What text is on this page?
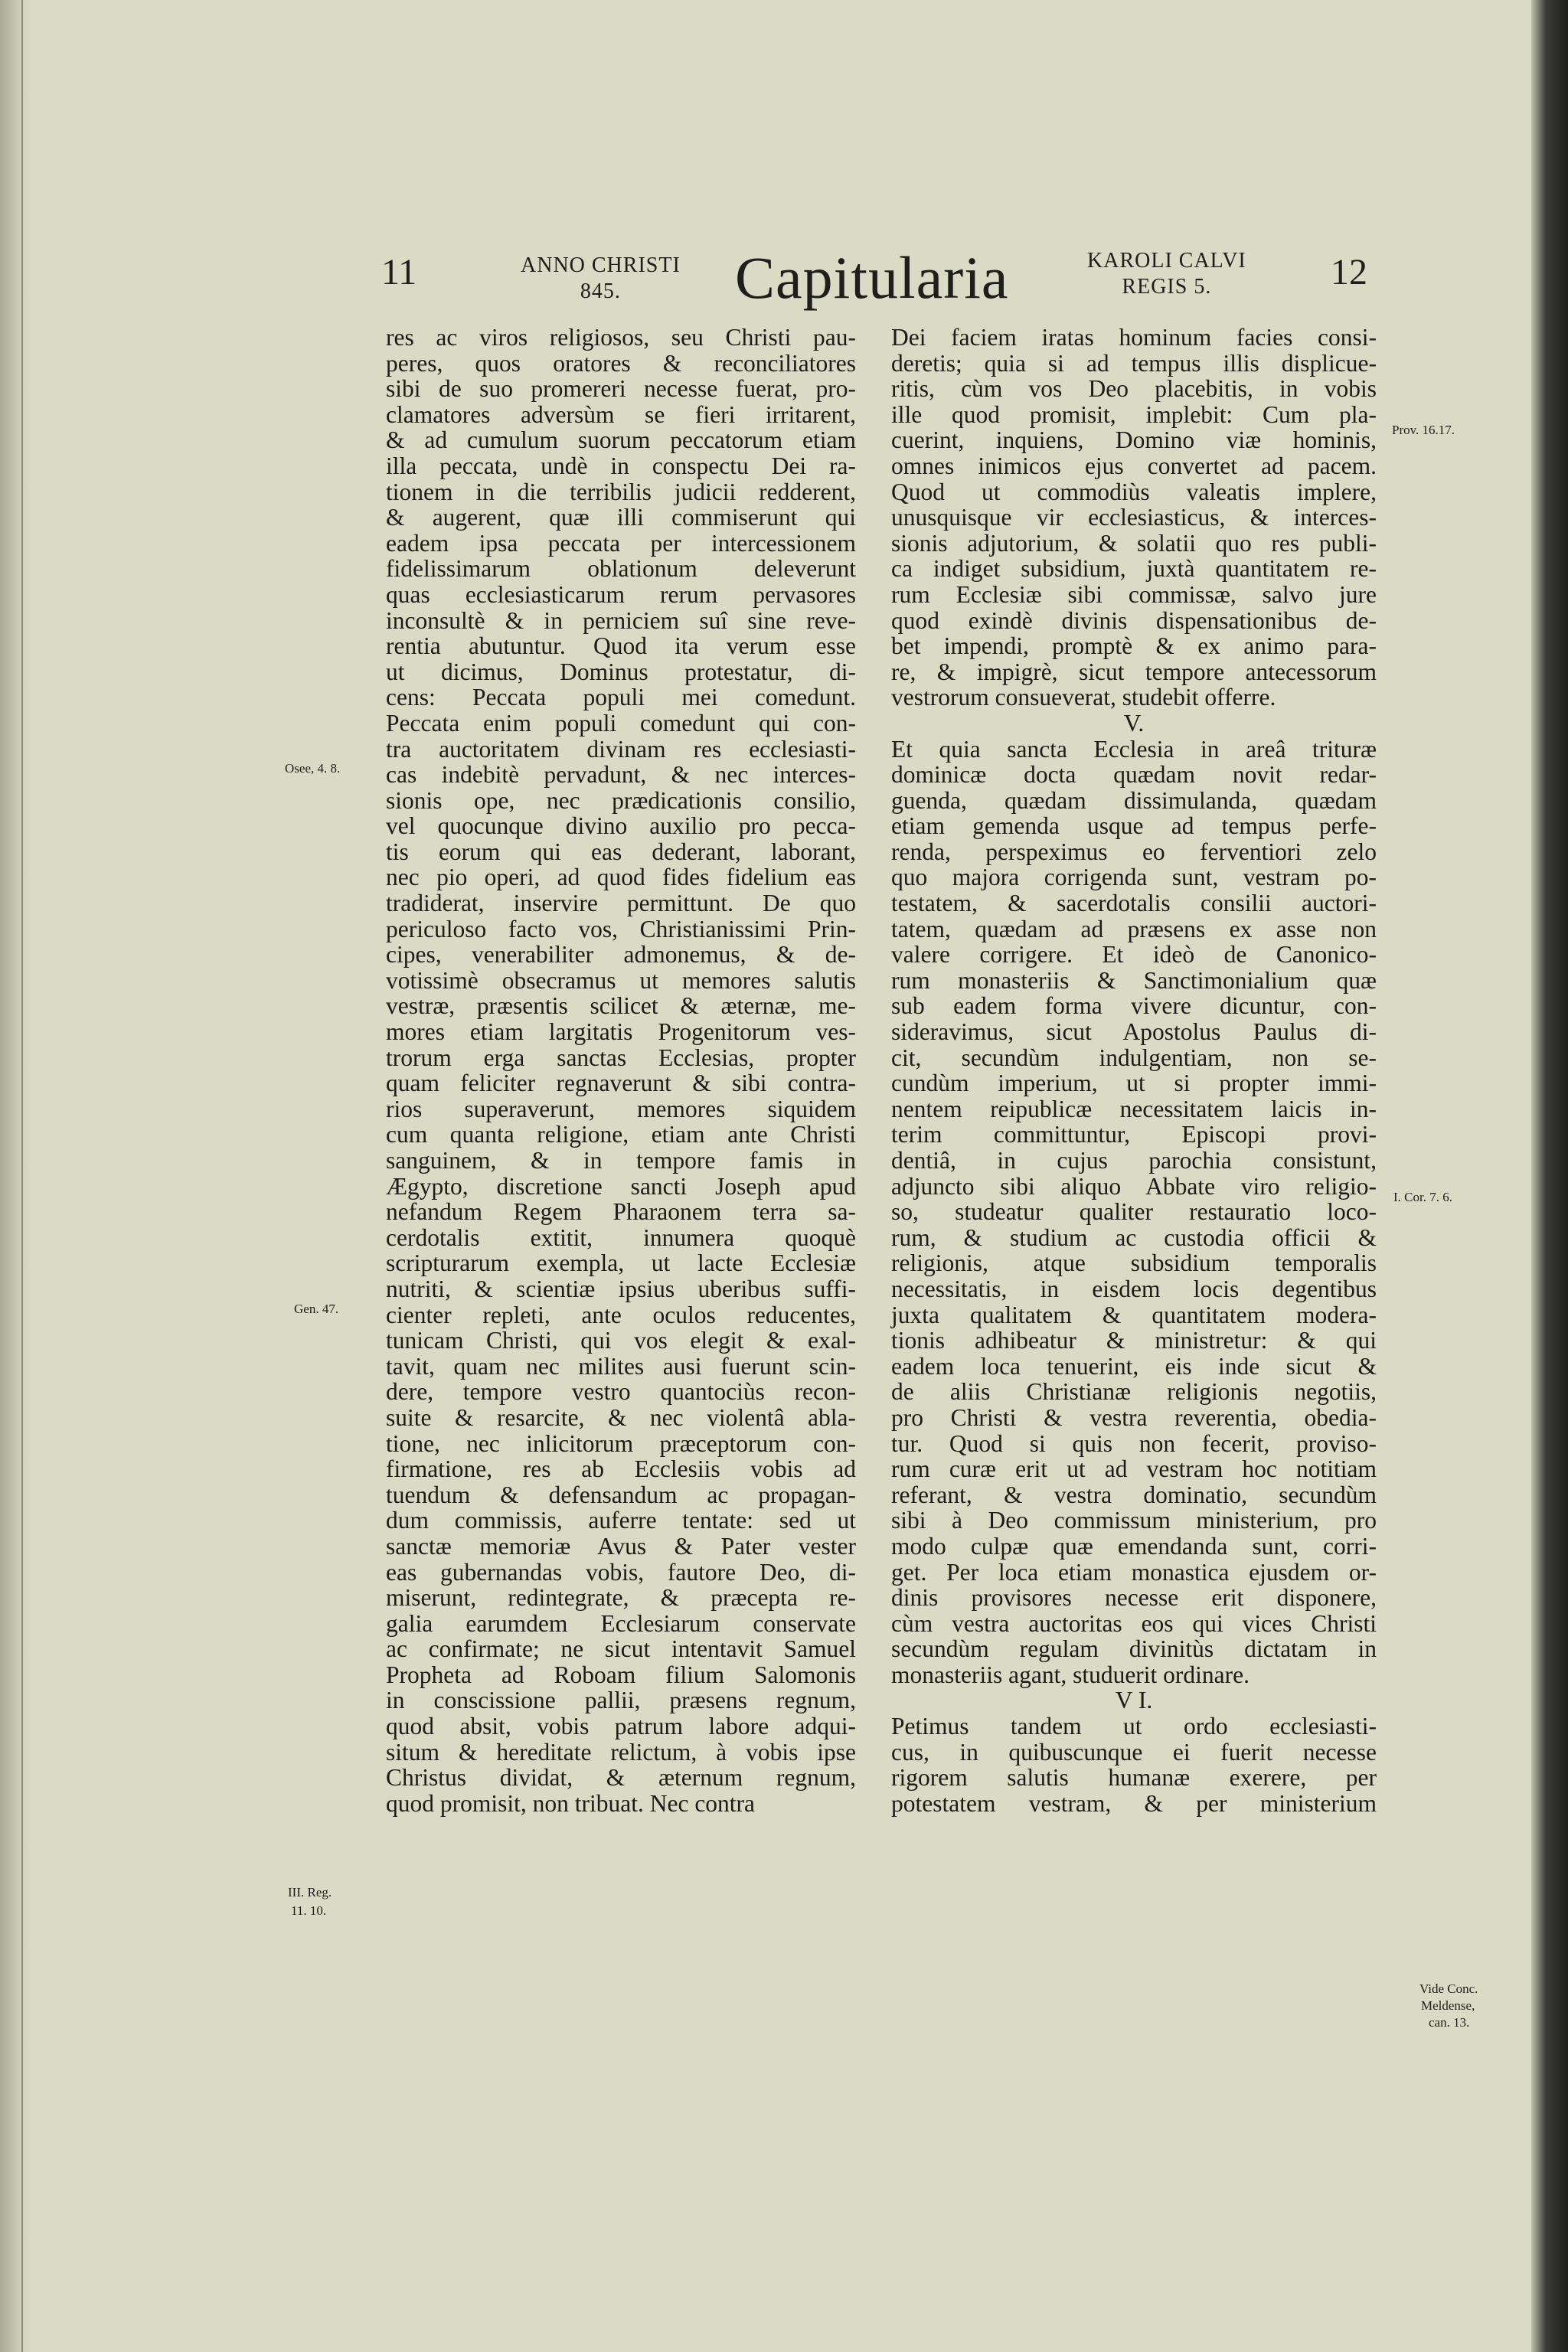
11	ANNO CHRISTI
845.	Capitularia	KAROLI CALVI
REGIS 5.	12
res ac viros religiosos, seu Christi pau-
peres, quos oratores & reconciliatores
sibi de suo promereri necesse fuerat, pro-
clamatores adversùm se fieri irritarent,
& ad cumulum suorum peccatorum etiam
illa peccata, undè in conspectu Dei ra-
tionem in die terribilis judicii redderent,
& augerent, quæ illi commiserunt qui
eadem ipsa peccata per intercessionem
fidelissimarum oblationum deleverunt
quas ecclesiasticarum rerum pervasores
inconsultè & in perniciem suî sine reve-
rentia abutuntur. Quod ita verum esse
ut dicimus, Dominus protestatur, di-
cens: Peccata populi mei comedunt.
Peccata enim populi comedunt qui con-
tra auctoritatem divinam res ecclesiasti-
cas indebitè pervadunt, & nec interces-
sionis ope, nec prædicationis consilio,
vel quocunque divino auxilio pro pecca-
tis eorum qui eas dederant, laborant,
nec pio operi, ad quod fides fidelium eas
tradiderat, inservire permittunt. De quo
periculoso facto vos, Christianissimi Prin-
cipes, venerabiliter admonemus, & de-
votissimè obsecramus ut memores salutis
vestræ, præsentis scilicet & æternæ, me-
mores etiam largitatis Progenitorum ves-
trorum erga sanctas Ecclesias, propter
quam feliciter regnaverunt & sibi contra-
rios superaverunt, memores siquidem
cum quanta religione, etiam ante Christi
sanguinem, & in tempore famis in
Ægypto, discretione sancti Joseph apud
nefandum Regem Pharaonem terra sa-
cerdotalis extitit, innumera quoquè
scripturarum exempla, ut lacte Ecclesiæ
nutriti, & scientiæ ipsius uberibus suffi-
cienter repleti, ante oculos reducentes,
tunicam Christi, qui vos elegit & exal-
tavit, quam nec milites ausi fuerunt scin-
dere, tempore vestro quantociùs recon-
suite & resarcite, & nec violentâ abla-
tione, nec inlicitorum præceptorum con-
firmatione, res ab Ecclesiis vobis ad
tuendum & defensandum ac propagan-
dum commissis, auferre tentate: sed ut
sanctæ memoriæ Avus & Pater vester
eas gubernandas vobis, fautore Deo, di-
miserunt, redintegrate, & præcepta re-
galia earumdem Ecclesiarum conservate
ac confirmate; ne sicut intentavit Samuel
Propheta ad Roboam filium Salomonis
in conscissione pallii, præsens regnum,
quod absit, vobis patrum labore adqui-
situm & hereditate relictum, à vobis ipse
Christus dividat, & æternum regnum,
quod promisit, non tribuat. Nec contra
Dei faciem iratas hominum facies consi-
deretis; quia si ad tempus illis displicue-
ritis, cùm vos Deo placebitis, in vobis
ille quod promisit, implebit: Cum pla-
cuerint, inquiens, Domino viæ hominis,
omnes inimicos ejus convertet ad pacem.
Quod ut commodiùs valeatis implere,
unusquisque vir ecclesiasticus, & interces-
sionis adjutorium, & solatii quo res publi-
ca indiget subsidium, juxtà quantitatem re-
rum Ecclesiæ sibi commissæ, salvo jure
quod exindè divinis dispensationibus de-
bet impendi, promptè & ex animo para-
re, & impigrè, sicut tempore antecessorum
vestrorum consueverat, studebit offerre.
V.
Et quia sancta Ecclesia in areâ trituræ
dominicæ docta quædam novit redar-
guenda, quædam dissimulanda, quædam
etiam gemenda usque ad tempus perfe-
renda, perspeximus eo ferventiori zelo
quo majora corrigenda sunt, vestram po-
testatem, & sacerdotalis consilii auctori-
tatem, quædam ad præsens ex asse non
valere corrigere. Et ideò de Canonico-
rum monasteriis & Sanctimonialium quæ
sub eadem forma vivere dicuntur, con-
sideravimus, sicut Apostolus Paulus di-
cit, secundùm indulgentiam, non se-
cundùm imperium, ut si propter immi-
nentem reipublicæ necessitatem laicis in-
terim committuntur, Episcopi provi-
dentiâ, in cujus parochia consistunt,
adjuncto sibi aliquo Abbate viro religio-
so, studeatur qualiter restauratio loco-
rum, & studium ac custodia officii &
religionis, atque subsidium temporalis
necessitatis, in eisdem locis degentibus
juxta qualitatem & quantitatem modera-
tionis adhibeatur & ministretur: & qui
eadem loca tenuerint, eis inde sicut &
de aliis Christianæ religionis negotiis,
pro Christi & vestra reverentia, obedia-
tur. Quod si quis non fecerit, proviso-
rum curæ erit ut ad vestram hoc notitiam
referant, & vestra dominatio, secundùm
sibi à Deo commissum ministerium, pro
modo culpæ quæ emendanda sunt, corri-
get. Per loca etiam monastica ejusdem or-
dinis provisores necesse erit disponere,
cùm vestra auctoritas eos qui vices Christi
secundùm regulam divinitùs dictatam in
monasteriis agant, studuerit ordinare.
V I.
Petimus tandem ut ordo ecclesiasti-
cus, in quibuscunque ei fuerit necesse
rigorem salutis humanæ exerere, per
potestatem vestram, & per ministerium
Osee, 4. 8.
Gen. 47.
III. Reg.
11. 10.
Prov. 16.17.
I. Cor. 7. 6.
Vide Conc.
Meldense,
can. 13.
